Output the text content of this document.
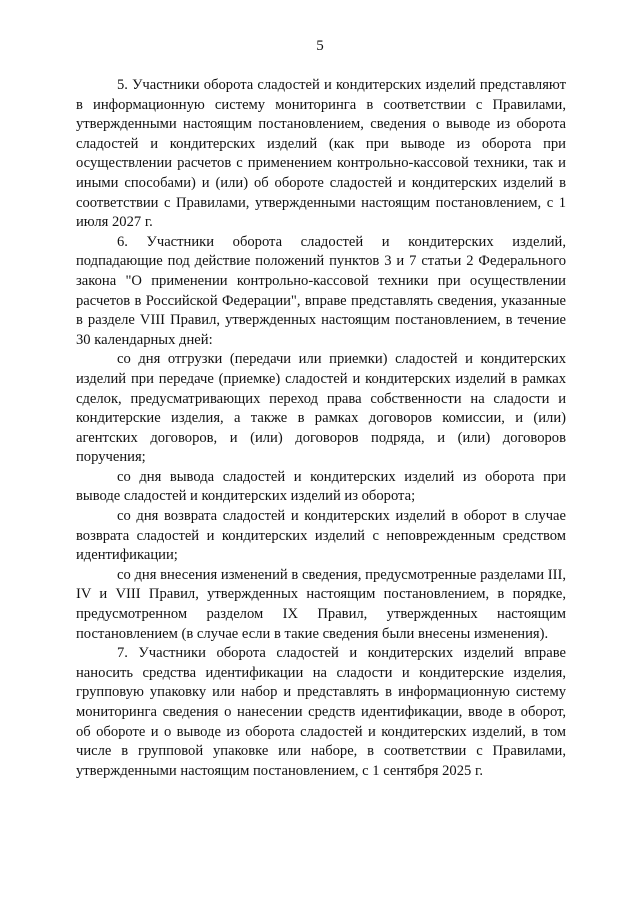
5

5. Участники оборота сладостей и кондитерских изделий представляют в информационную систему мониторинга в соответствии с Правилами, утвержденными настоящим постановлением, сведения о выводе из оборота сладостей и кондитерских изделий (как при выводе из оборота при осуществлении расчетов с применением контрольно-кассовой техники, так и иными способами) и (или) об обороте сладостей и кондитерских изделий в соответствии с Правилами, утвержденными настоящим постановлением, с 1 июля 2027 г.

6. Участники оборота сладостей и кондитерских изделий, подпадающие под действие положений пунктов 3 и 7 статьи 2 Федерального закона "О применении контрольно-кассовой техники при осуществлении расчетов в Российской Федерации", вправе представлять сведения, указанные в разделе VIII Правил, утвержденных настоящим постановлением, в течение 30 календарных дней:

со дня отгрузки (передачи или приемки) сладостей и кондитерских изделий при передаче (приемке) сладостей и кондитерских изделий в рамках сделок, предусматривающих переход права собственности на сладости и кондитерские изделия, а также в рамках договоров комиссии, и (или) агентских договоров, и (или) договоров подряда, и (или) договоров поручения;

со дня вывода сладостей и кондитерских изделий из оборота при выводе сладостей и кондитерских изделий из оборота;

со дня возврата сладостей и кондитерских изделий в оборот в случае возврата сладостей и кондитерских изделий с неповрежденным средством идентификации;

со дня внесения изменений в сведения, предусмотренные разделами III, IV и VIII Правил, утвержденных настоящим постановлением, в порядке, предусмотренном разделом IX Правил, утвержденных настоящим постановлением (в случае если в такие сведения были внесены изменения).

7. Участники оборота сладостей и кондитерских изделий вправе наносить средства идентификации на сладости и кондитерские изделия, групповую упаковку или набор и представлять в информационную систему мониторинга сведения о нанесении средств идентификации, вводе в оборот, об обороте и о выводе из оборота сладостей и кондитерских изделий, в том числе в групповой упаковке или наборе, в соответствии с Правилами, утвержденными настоящим постановлением, с 1 сентября 2025 г.
